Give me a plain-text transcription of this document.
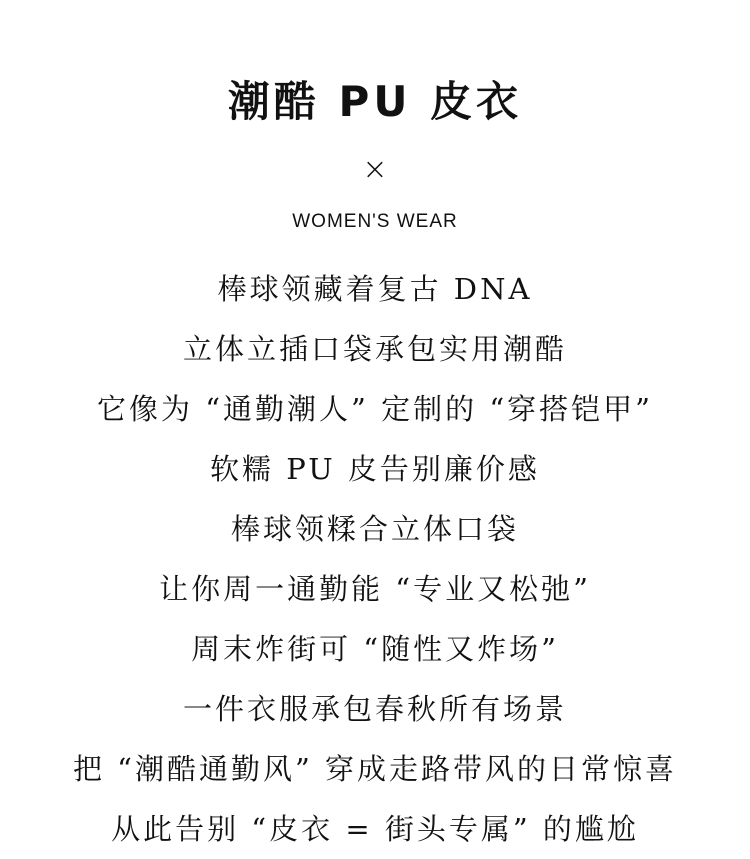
潮酷 PU 皮衣
×
WOMEN'S WEAR
棒球领藏着复古 DNA
立体立插口袋承包实用潮酷
它像为 “通勤潮人” 定制的 “穿搭铠甲”
软糯 PU 皮告别廉价感
棒球领糅合立体口袋
让你周一通勤能 “专业又松弛”
周末炸街可 “随性又炸场”
一件衣服承包春秋所有场景
把 “潮酷通勤风” 穿成走路带风的日常惊喜
从此告别 “皮衣 = 街头专属” 的尴尬
